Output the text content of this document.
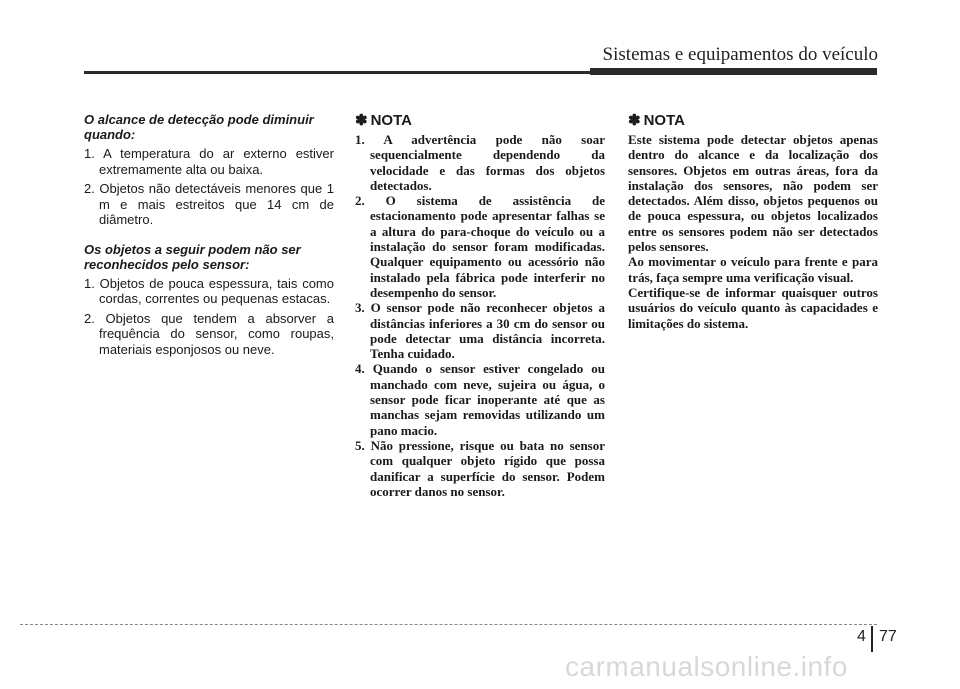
Sistemas e equipamentos do veículo

O alcance de detecção pode diminuir quando:

1. A temperatura do ar externo estiver extremamente alta ou baixa.
2. Objetos não detectáveis menores que 1 m e mais estreitos que 14 cm de diâmetro.

Os objetos a seguir podem não ser reconhecidos pelo sensor:

1. Objetos de pouca espessura, tais como cordas, correntes ou pequenas estacas.
2. Objetos que tendem a absorver a frequência do sensor, como roupas, materiais esponjosos ou neve.
✽ NOTA
1. A advertência pode não soar sequencialmente dependendo da velocidade e das formas dos objetos detectados.
2. O sistema de assistência de estacionamento pode apresentar falhas se a altura do para-choque do veículo ou a instalação do sensor foram modificadas. Qualquer equipamento ou acessório não instalado pela fábrica pode interferir no desempenho do sensor.
3. O sensor pode não reconhecer objetos a distâncias inferiores a 30 cm do sensor ou pode detectar uma distância incorreta. Tenha cuidado.
4. Quando o sensor estiver congelado ou manchado com neve, sujeira ou água, o sensor pode ficar inoperante até que as manchas sejam removidas utilizando um pano macio.
5. Não pressione, risque ou bata no sensor com qualquer objeto rígido que possa danificar a superfície do sensor. Podem ocorrer danos no sensor.
✽ NOTA

Este sistema pode detectar objetos apenas dentro do alcance e da localização dos sensores. Objetos em outras áreas, fora da instalação dos sensores, não podem ser detectados. Além disso, objetos pequenos ou de pouca espessura, ou objetos localizados entre os sensores podem não ser detectados pelos sensores.

Ao movimentar o veículo para frente e para trás, faça sempre uma verificação visual.

Certifique-se de informar quaisquer outros usuários do veículo quanto às capacidades e limitações do sistema.

4 77
carmanualsonline.info
